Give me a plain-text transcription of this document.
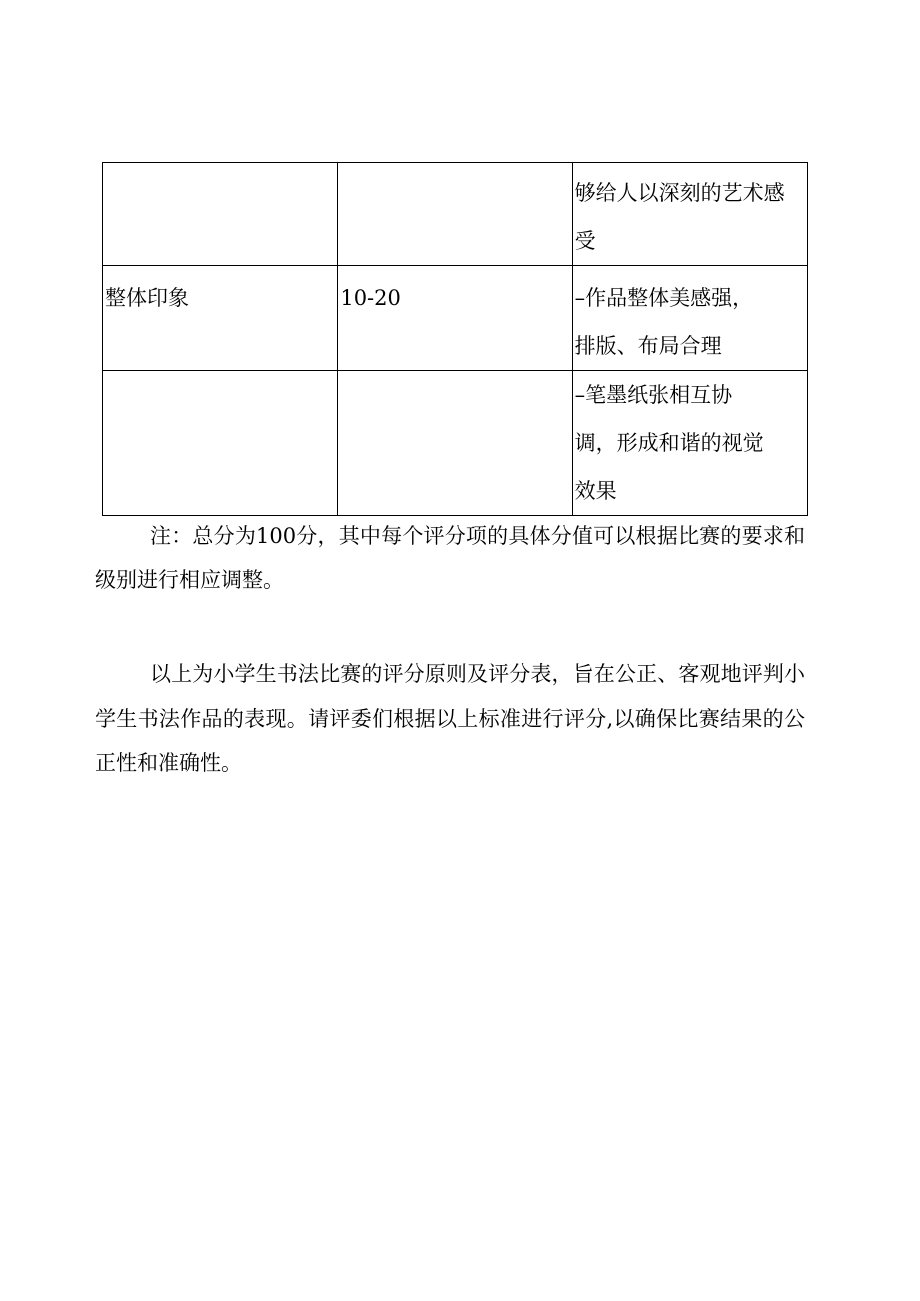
		够给人以深刻的艺术感
受

整体印象	10-20	–作品整体美感强，
排版、布局合理

		–笔墨纸张相互协
调，形成和谐的视觉
效果

注：总分为100分，其中每个评分项的具体分值可以根据比赛的要求和级别进行相应调整。

以上为小学生书法比赛的评分原则及评分表，旨在公正、客观地评判小学生书法作品的表现。请评委们根据以上标准进行评分,以确保比赛结果的公正性和准确性。
